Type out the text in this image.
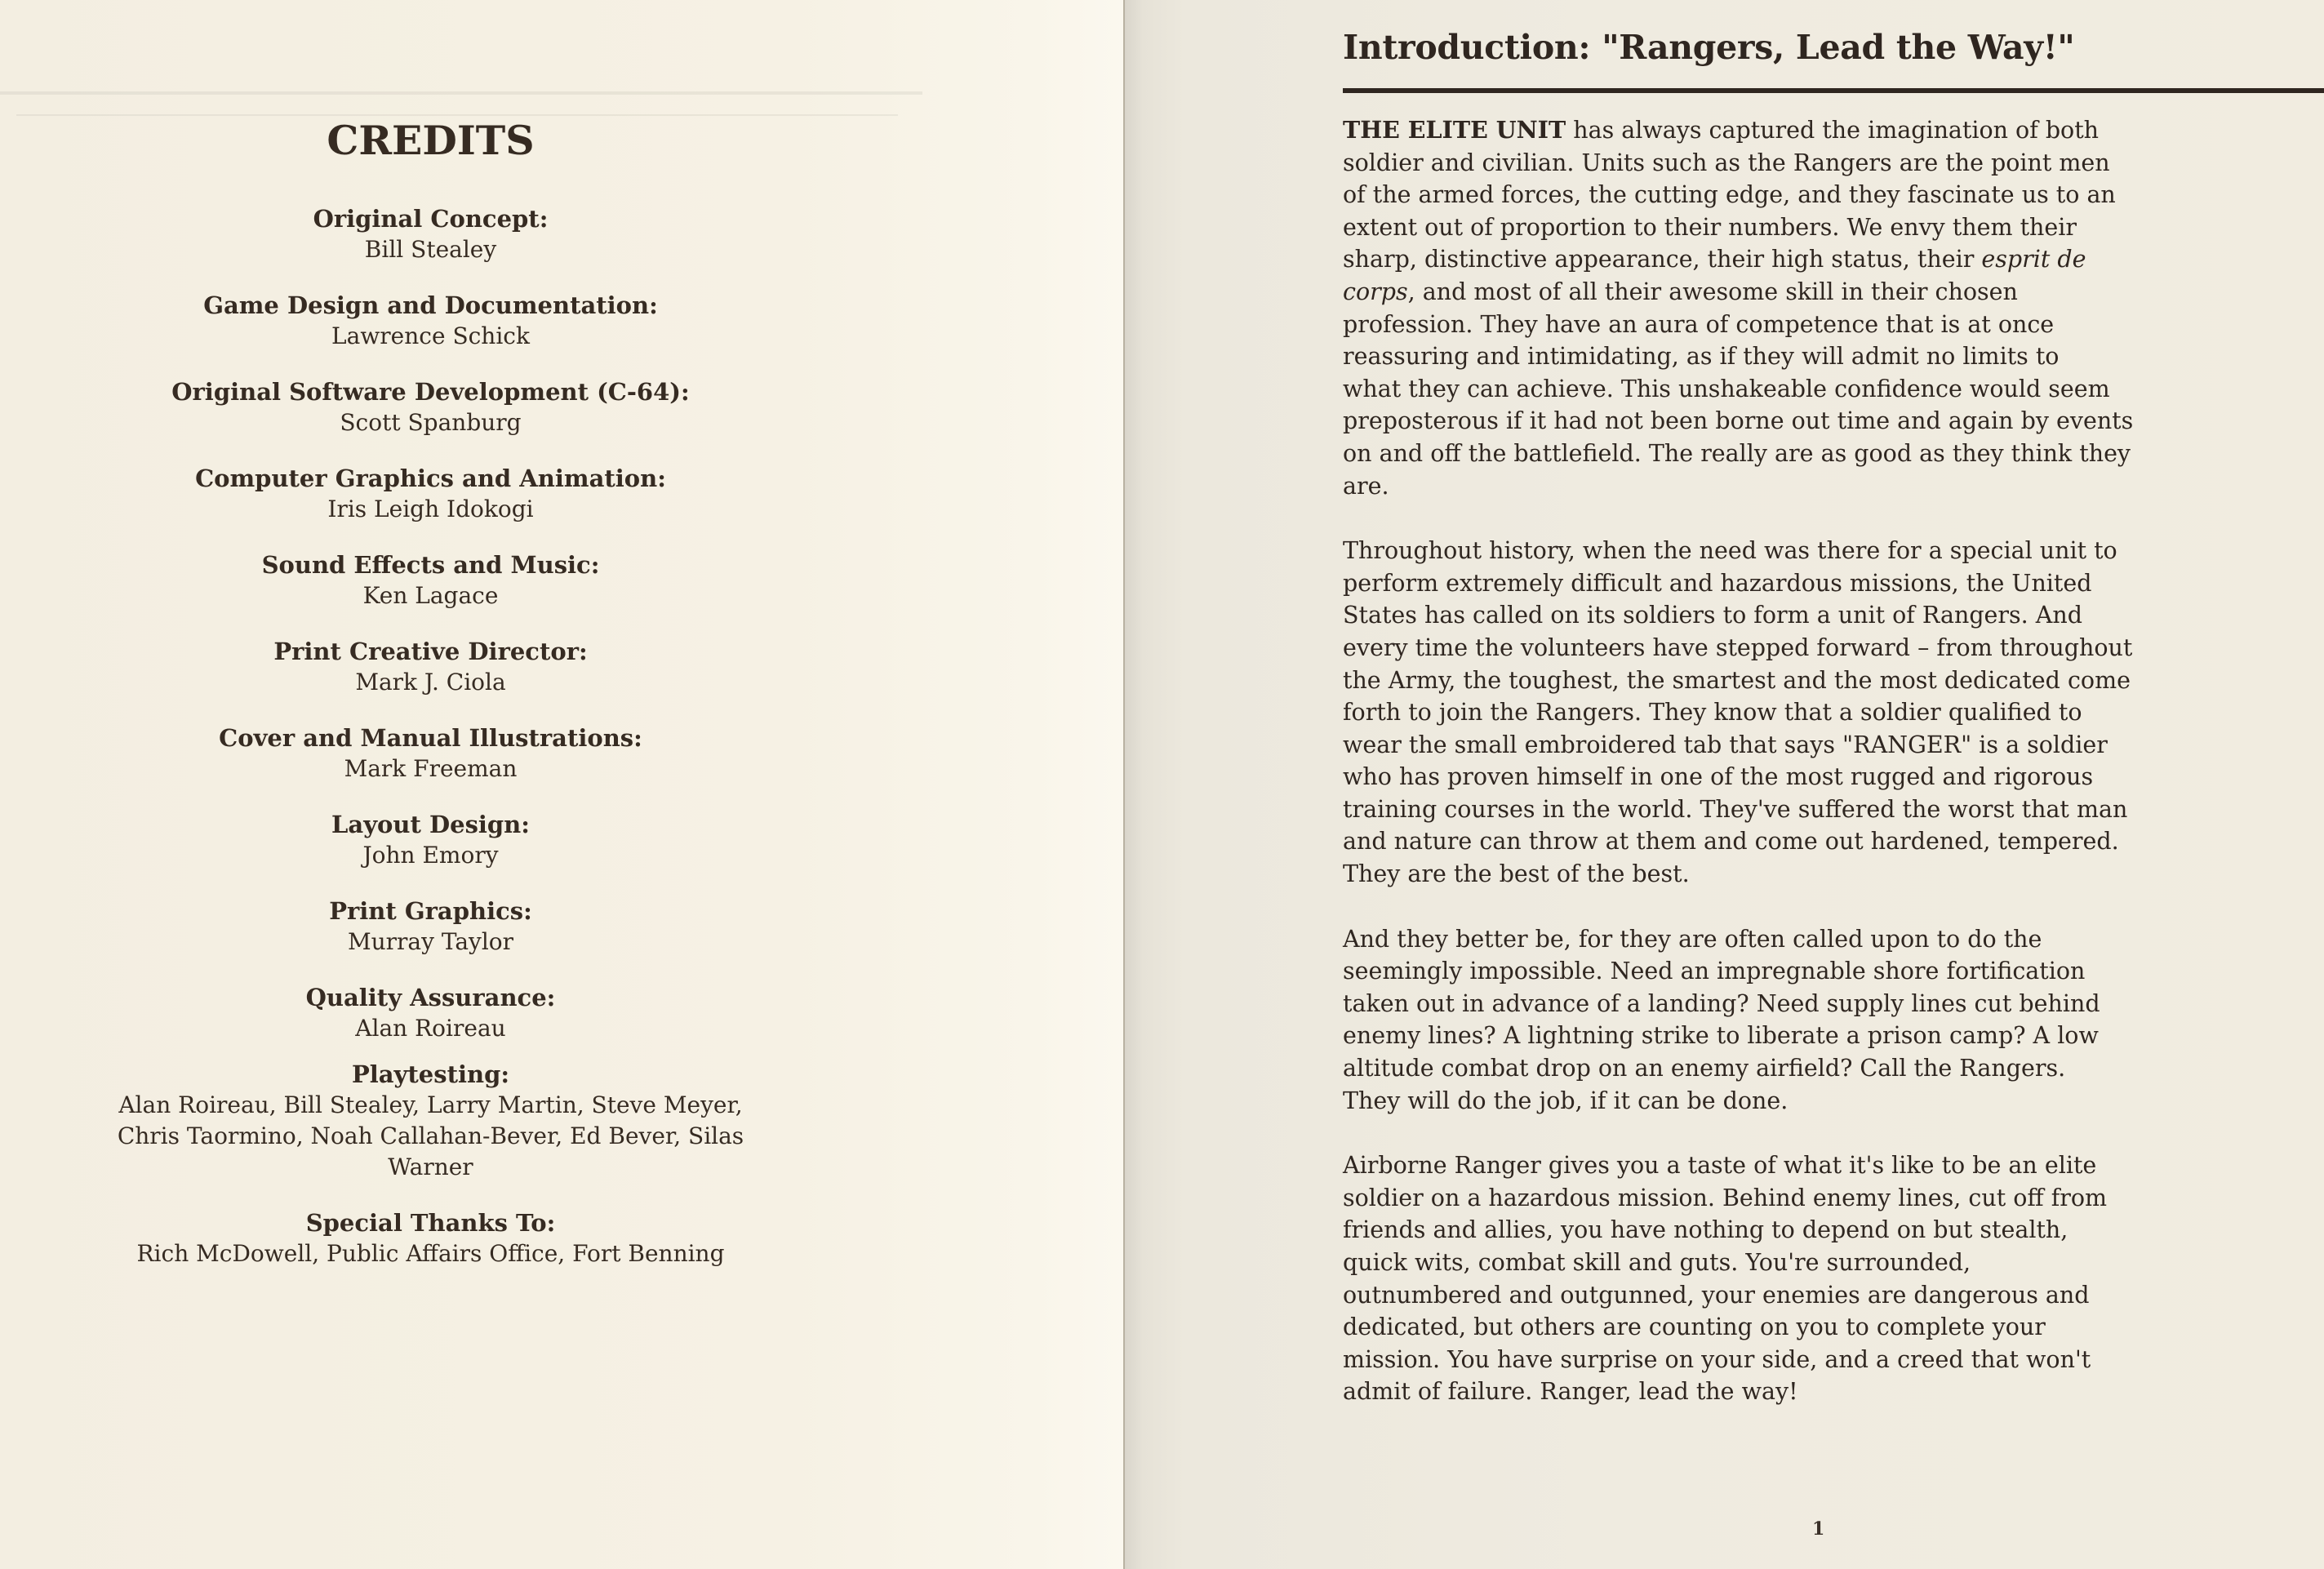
CREDITS
Original Concept:
Bill Stealey
Game Design and Documentation:
Lawrence Schick
Original Software Development (C-64):
Scott Spanburg
Computer Graphics and Animation:
Iris Leigh Idokogi
Sound Effects and Music:
Ken Lagace
Print Creative Director:
Mark J. Ciola
Cover and Manual Illustrations:
Mark Freeman
Layout Design:
John Emory
Print Graphics:
Murray Taylor
Quality Assurance:
Alan Roireau
Playtesting:
Alan Roireau, Bill Stealey, Larry Martin, Steve Meyer,
Chris Taormino, Noah Callahan-Bever, Ed Bever, Silas Warner
Special Thanks To:
Rich McDowell, Public Affairs Office, Fort Benning
Introduction: "Rangers, Lead the Way!"

THE ELITE UNIT has always captured the imagination of both
soldier and civilian. Units such as the Rangers are the point men
of the armed forces, the cutting edge, and they fascinate us to an
extent out of proportion to their numbers. We envy them their
sharp, distinctive appearance, their high status, their esprit de
corps, and most of all their awesome skill in their chosen
profession. They have an aura of competence that is at once
reassuring and intimidating, as if they will admit no limits to
what they can achieve. This unshakeable confidence would seem
preposterous if it had not been borne out time and again by events
on and off the battlefield. The really are as good as they think they
are.

Throughout history, when the need was there for a special unit to
perform extremely difficult and hazardous missions, the United
States has called on its soldiers to form a unit of Rangers. And
every time the volunteers have stepped forward – from throughout
the Army, the toughest, the smartest and the most dedicated come
forth to join the Rangers. They know that a soldier qualified to
wear the small embroidered tab that says "RANGER" is a soldier
who has proven himself in one of the most rugged and rigorous
training courses in the world. They've suffered the worst that man
and nature can throw at them and come out hardened, tempered.
They are the best of the best.

And they better be, for they are often called upon to do the
seemingly impossible. Need an impregnable shore fortification
taken out in advance of a landing? Need supply lines cut behind
enemy lines? A lightning strike to liberate a prison camp? A low
altitude combat drop on an enemy airfield? Call the Rangers.
They will do the job, if it can be done.

Airborne Ranger gives you a taste of what it's like to be an elite
soldier on a hazardous mission. Behind enemy lines, cut off from
friends and allies, you have nothing to depend on but stealth,
quick wits, combat skill and guts. You're surrounded,
outnumbered and outgunned, your enemies are dangerous and
dedicated, but others are counting on you to complete your
mission. You have surprise on your side, and a creed that won't
admit of failure. Ranger, lead the way!

1
